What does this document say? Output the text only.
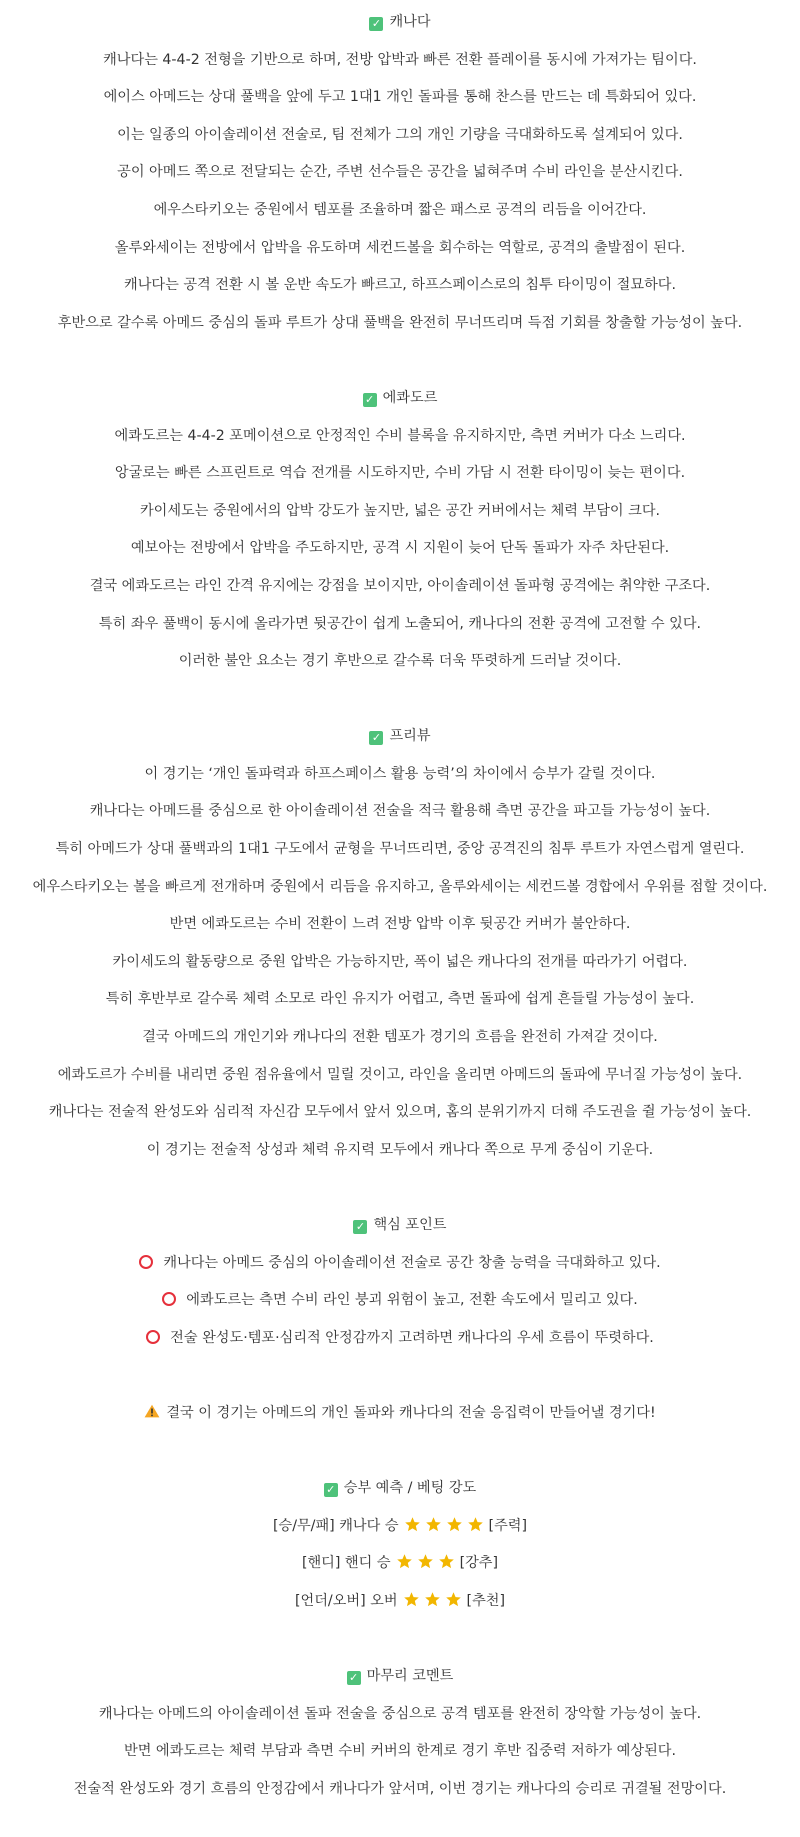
✓ 캐나다

캐나다는 4-4-2 전형을 기반으로 하며, 전방 압박과 빠른 전환 플레이를 동시에 가져가는 팀이다.

에이스 아메드는 상대 풀백을 앞에 두고 1대1 개인 돌파를 통해 찬스를 만드는 데 특화되어 있다.

이는 일종의 아이솔레이션 전술로, 팀 전체가 그의 개인 기량을 극대화하도록 설계되어 있다.

공이 아메드 쪽으로 전달되는 순간, 주변 선수들은 공간을 넓혀주며 수비 라인을 분산시킨다.

에우스타키오는 중원에서 템포를 조율하며 짧은 패스로 공격의 리듬을 이어간다.

올루와세이는 전방에서 압박을 유도하며 세컨드볼을 회수하는 역할로, 공격의 출발점이 된다.

캐나다는 공격 전환 시 볼 운반 속도가 빠르고, 하프스페이스로의 침투 타이밍이 절묘하다.

후반으로 갈수록 아메드 중심의 돌파 루트가 상대 풀백을 완전히 무너뜨리며 득점 기회를 창출할 가능성이 높다.

✓ 에콰도르

에콰도르는 4-4-2 포메이션으로 안정적인 수비 블록을 유지하지만, 측면 커버가 다소 느리다.

앙굴로는 빠른 스프린트로 역습 전개를 시도하지만, 수비 가담 시 전환 타이밍이 늦는 편이다.

카이세도는 중원에서의 압박 강도가 높지만, 넓은 공간 커버에서는 체력 부담이 크다.

예보아는 전방에서 압박을 주도하지만, 공격 시 지원이 늦어 단독 돌파가 자주 차단된다.

결국 에콰도르는 라인 간격 유지에는 강점을 보이지만, 아이솔레이션 돌파형 공격에는 취약한 구조다.

특히 좌우 풀백이 동시에 올라가면 뒷공간이 쉽게 노출되어, 캐나다의 전환 공격에 고전할 수 있다.

이러한 불안 요소는 경기 후반으로 갈수록 더욱 뚜렷하게 드러날 것이다.

✓ 프리뷰

이 경기는 ‘개인 돌파력과 하프스페이스 활용 능력’의 차이에서 승부가 갈릴 것이다.

캐나다는 아메드를 중심으로 한 아이솔레이션 전술을 적극 활용해 측면 공간을 파고들 가능성이 높다.

특히 아메드가 상대 풀백과의 1대1 구도에서 균형을 무너뜨리면, 중앙 공격진의 침투 루트가 자연스럽게 열린다.

에우스타키오는 볼을 빠르게 전개하며 중원에서 리듬을 유지하고, 올루와세이는 세컨드볼 경합에서 우위를 점할 것이다.

반면 에콰도르는 수비 전환이 느려 전방 압박 이후 뒷공간 커버가 불안하다.

카이세도의 활동량으로 중원 압박은 가능하지만, 폭이 넓은 캐나다의 전개를 따라가기 어렵다.

특히 후반부로 갈수록 체력 소모로 라인 유지가 어렵고, 측면 돌파에 쉽게 흔들릴 가능성이 높다.

결국 아메드의 개인기와 캐나다의 전환 템포가 경기의 흐름을 완전히 가져갈 것이다.

에콰도르가 수비를 내리면 중원 점유율에서 밀릴 것이고, 라인을 올리면 아메드의 돌파에 무너질 가능성이 높다.

캐나다는 전술적 완성도와 심리적 자신감 모두에서 앞서 있으며, 홈의 분위기까지 더해 주도권을 쥘 가능성이 높다.

이 경기는 전술적 상성과 체력 유지력 모두에서 캐나다 쪽으로 무게 중심이 기운다.

✓ 핵심 포인트

캐나다는 아메드 중심의 아이솔레이션 전술로 공간 창출 능력을 극대화하고 있다.

에콰도르는 측면 수비 라인 붕괴 위험이 높고, 전환 속도에서 밀리고 있다.

전술 완성도·템포·심리적 안정감까지 고려하면 캐나다의 우세 흐름이 뚜렷하다.

결국 이 경기는 아메드의 개인 돌파와 캐나다의 전술 응집력이 만들어낼 경기다!

✓ 승부 예측 / 베팅 강도

[승/무/패] 캐나다 승	[주력]

[핸디] 핸디 승	[강추]

[언더/오버] 오버	[추천]

✓ 마무리 코멘트

캐나다는 아메드의 아이솔레이션 돌파 전술을 중심으로 공격 템포를 완전히 장악할 가능성이 높다.

반면 에콰도르는 체력 부담과 측면 수비 커버의 한계로 경기 후반 집중력 저하가 예상된다.

전술적 완성도와 경기 흐름의 안정감에서 캐나다가 앞서며, 이번 경기는 캐나다의 승리로 귀결될 전망이다.
